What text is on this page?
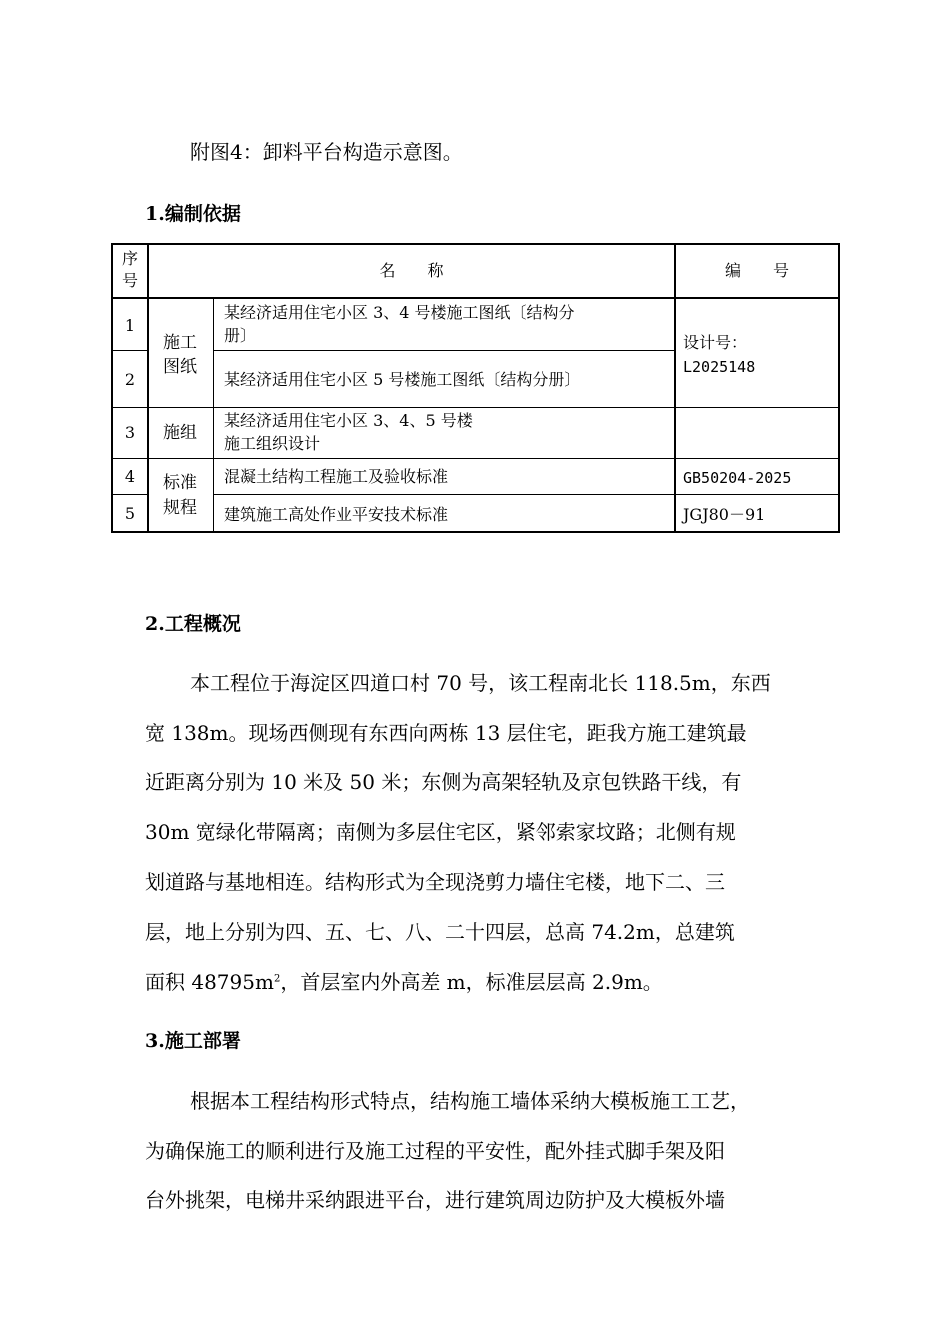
附图4：卸料平台构造示意图。
1.编制依据
序号
名　　称	编　　号
1
2
3
4
5
施工图纸
施组
标准规程
某经济适用住宅小区 3、4 号楼施工图纸〔结构分
册〕
某经济适用住宅小区 5 号楼施工图纸〔结构分册〕
某经济适用住宅小区 3、4、5 号楼
施工组织设计
混凝土结构工程施工及验收标准
建筑施工高处作业平安技术标准
设计号：
L2025148
GB50204-2025
JGJ80－91
2.工程概况
本工程位于海淀区四道口村 70 号，该工程南北长 118.5m，东西
宽 138m。现场西侧现有东西向两栋 13 层住宅，距我方施工建筑最
近距离分别为 10 米及 50 米；东侧为高架轻轨及京包铁路干线，有
30m 宽绿化带隔离；南侧为多层住宅区，紧邻索家坟路；北侧有规
划道路与基地相连。结构形式为全现浇剪力墙住宅楼，地下二、三
层，地上分别为四、五、七、八、二十四层，总高 74.2m，总建筑
面积 $48795m^2$，首层室内外高差 m，标准层层高 2.9m。
3.施工部署
根据本工程结构形式特点，结构施工墙体采纳大模板施工工艺，
为确保施工的顺利进行及施工过程的平安性，配外挂式脚手架及阳
台外挑架，电梯井采纳跟进平台，进行建筑周边防护及大模板外墙
